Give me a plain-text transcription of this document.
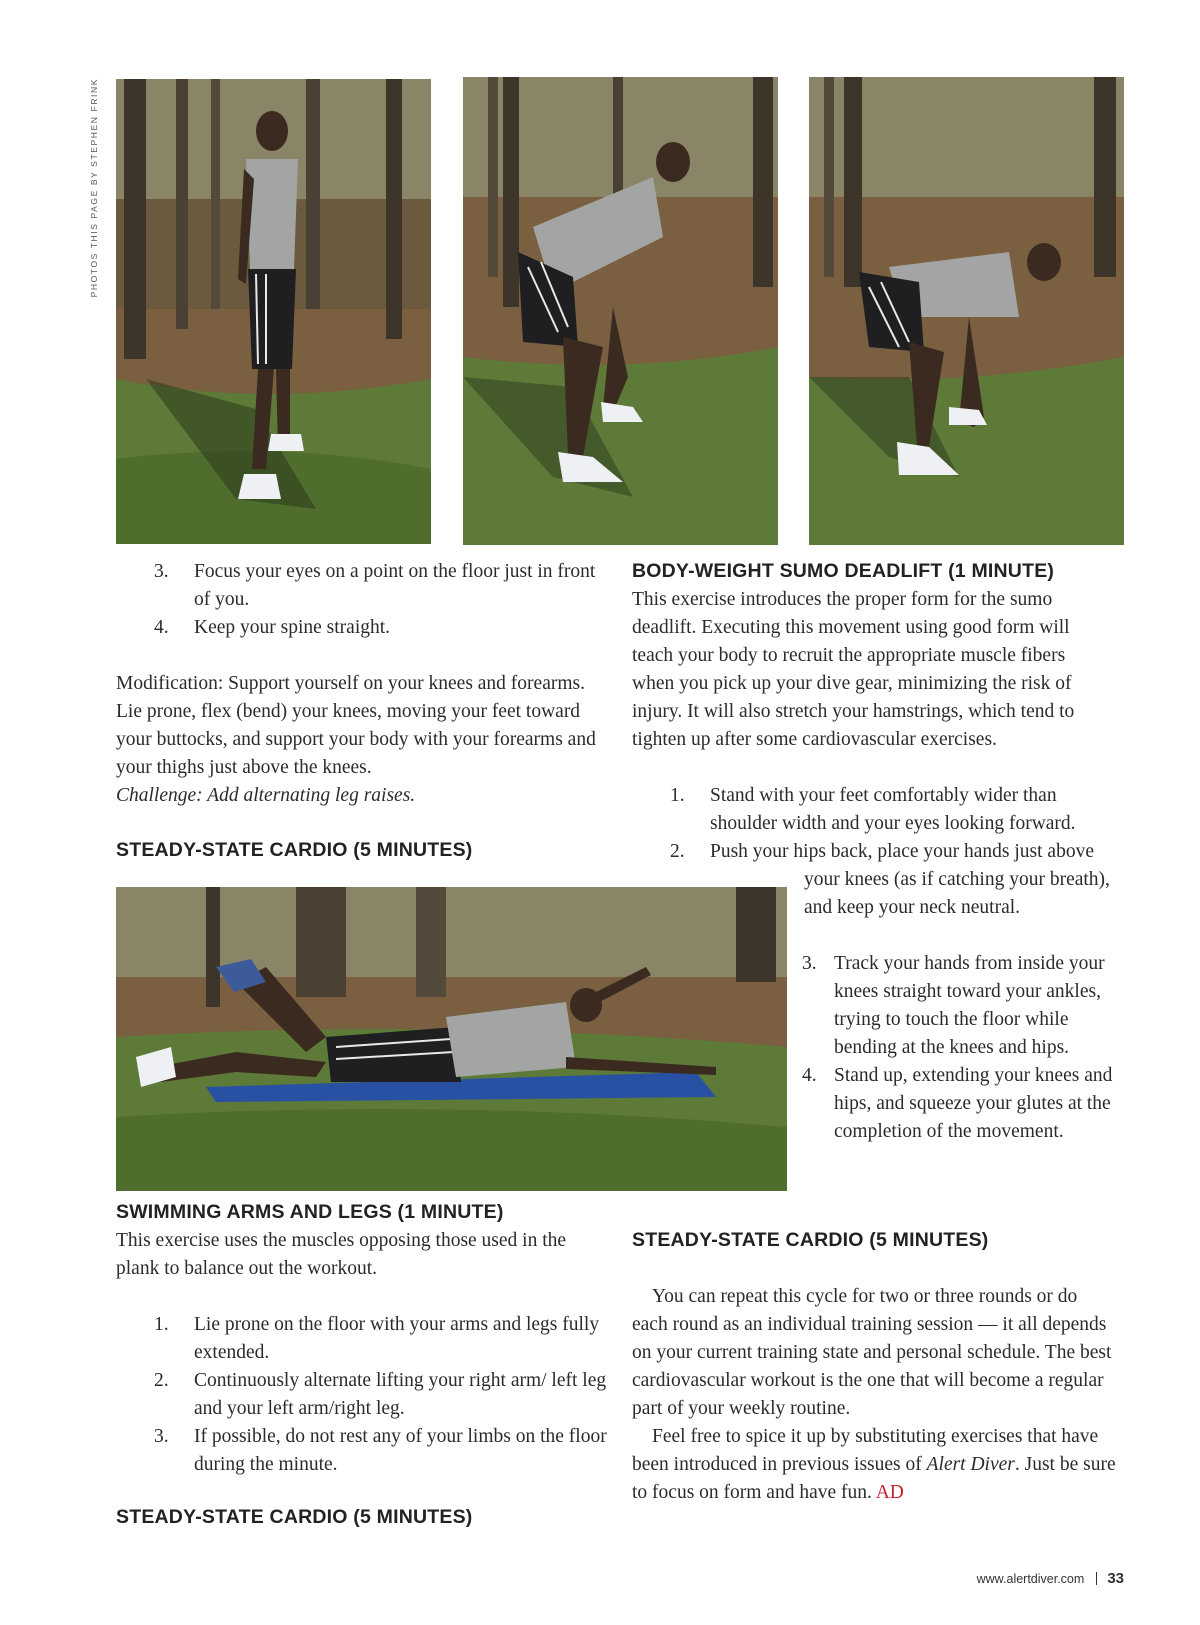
PHOTOS THIS PAGE BY STEPHEN FRINK
3. Focus your eyes on a point on the floor just in front of you.
4. Keep your spine straight.

Modification: Support yourself on your knees and forearms. Lie prone, flex (bend) your knees, moving your feet toward your buttocks, and support your body with your forearms and your thighs just above the knees.
Challenge: Add alternating leg raises.

STEADY-STATE CARDIO (5 MINUTES)
SWIMMING ARMS AND LEGS (1 MINUTE)
This exercise uses the muscles opposing those used in the plank to balance out the workout.
1. Lie prone on the floor with your arms and legs fully extended.
2. Continuously alternate lifting your right arm/ left leg and your left arm/right leg.
3. If possible, do not rest any of your limbs on the floor during the minute.
STEADY-STATE CARDIO (5 MINUTES)
BODY-WEIGHT SUMO DEADLIFT (1 MINUTE)
This exercise introduces the proper form for the sumo deadlift. Executing this movement using good form will teach your body to recruit the appropriate muscle fibers when you pick up your dive gear, minimizing the risk of injury. It will also stretch your hamstrings, which tend to tighten up after some cardiovascular exercises.
1. Stand with your feet comfortably wider than shoulder width and your eyes looking forward.
2.	Push your hips back, place your hands just above your knees (as if catching your breath), and keep your neck neutral.

3. Track your hands from inside your knees straight toward your ankles, trying to touch the floor while bending at the knees and hips.
4. Stand up, extending your knees and hips, and squeeze your glutes at the completion of the movement.
STEADY-STATE CARDIO (5 MINUTES)

You can repeat this cycle for two or three rounds or do each round as an individual training session — it all depends on your current training state and personal schedule. The best cardiovascular workout is the one that will become a regular part of your weekly routine.

Feel free to spice it up by substituting exercises that have been introduced in previous issues of Alert Diver. Just be sure to focus on form and have fun. AD

www.alertdiver.com 33
